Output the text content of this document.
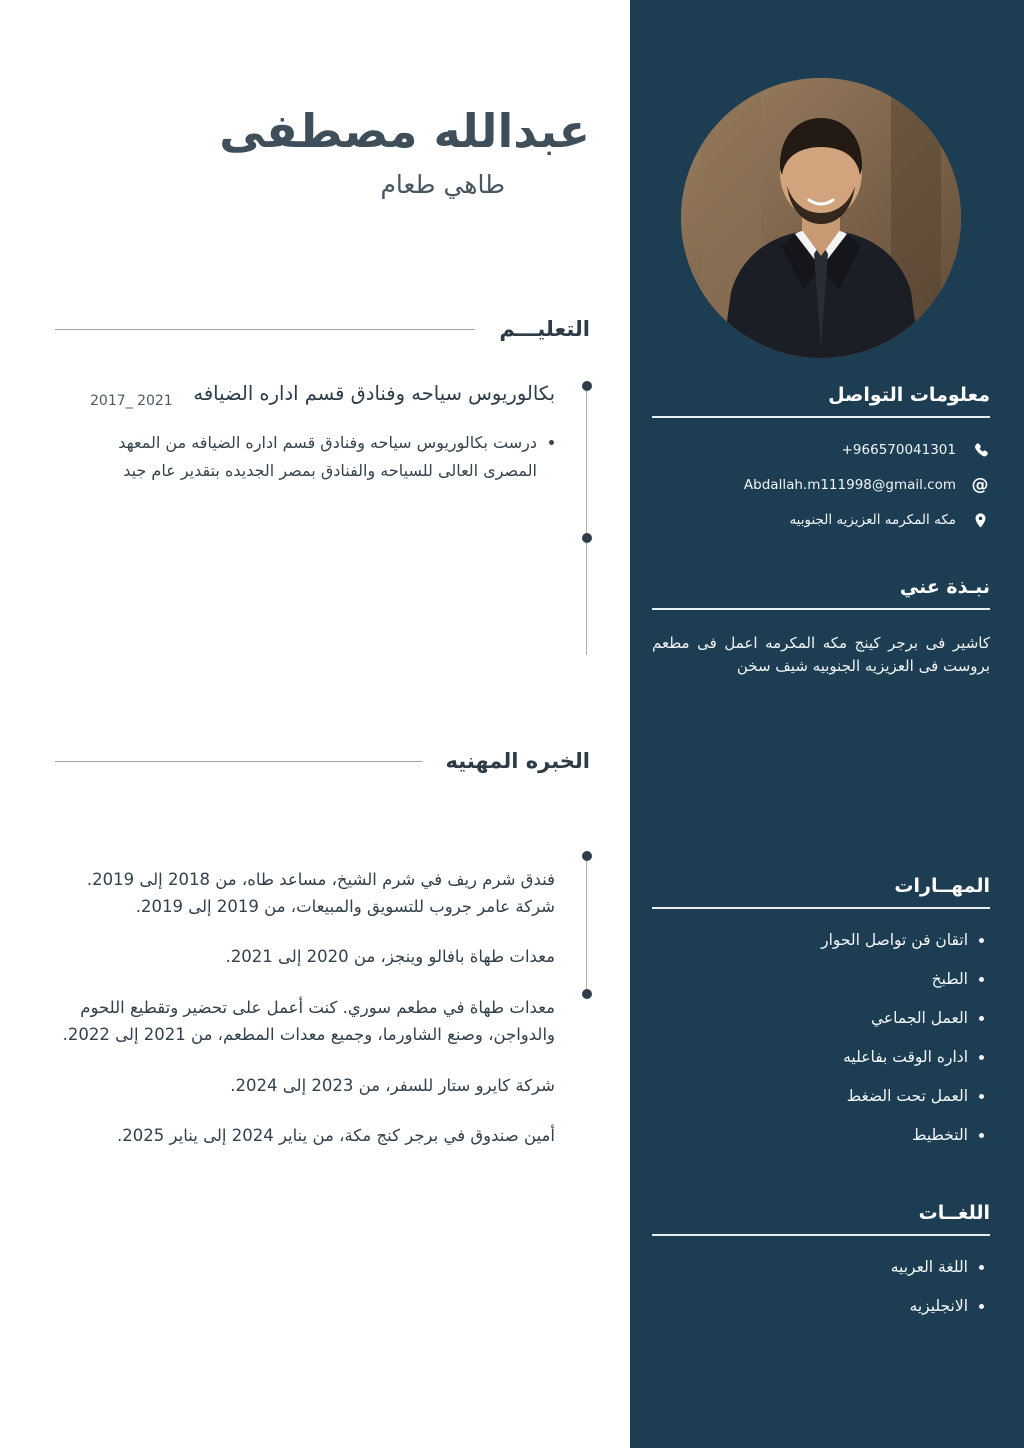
عبدالله مصطفى

طاهي طعام

التعليـــم
بكالوريوس سياحه وفنادق قسم اداره الضيافه
2017_ 2021
• درست بكالوريوس سياحه وفنادق قسم اداره الضيافه من المعهد المصرى العالى للسياحه والفنادق بمصر الجديده بتقدير عام جيد
الخبره المهنيه

فندق شرم ريف في شرم الشيخ، مساعد طاه، من 2018 إلى 2019. شركة عامر جروب للتسويق والمبيعات، من 2019 إلى 2019.

معدات طهاة بافالو وينجز، من 2020 إلى 2021.

معدات طهاة في مطعم سوري. كنت أعمل على تحضير وتقطيع اللحوم والدواجن، وصنع الشاورما، وجميع معدات المطعم، من 2021 إلى 2022.

شركة كايرو ستار للسفر، من 2023 إلى 2024.

أمين صندوق في برجر كنج مكة، من يناير 2024 إلى يناير 2025.

معلومات التواصل
+966570041301
@
Abdallah.m111998@gmail.com
مكه المكرمه العزيزيه الجنوبيه
نبـذة عني

كاشير فى برجر كينج مكه المكرمه اعمل فى مطعم بروست فى العزيزيه الجنوبيه شيف سخن

المهــارات
• اتقان فن تواصل الحوار
• الطبخ
• العمل الجماعي
• اداره الوقت بفاعليه
• العمل تحت الضغط
• التخطيط
اللغــات
• اللغة العربيه
• الانجليزيه
